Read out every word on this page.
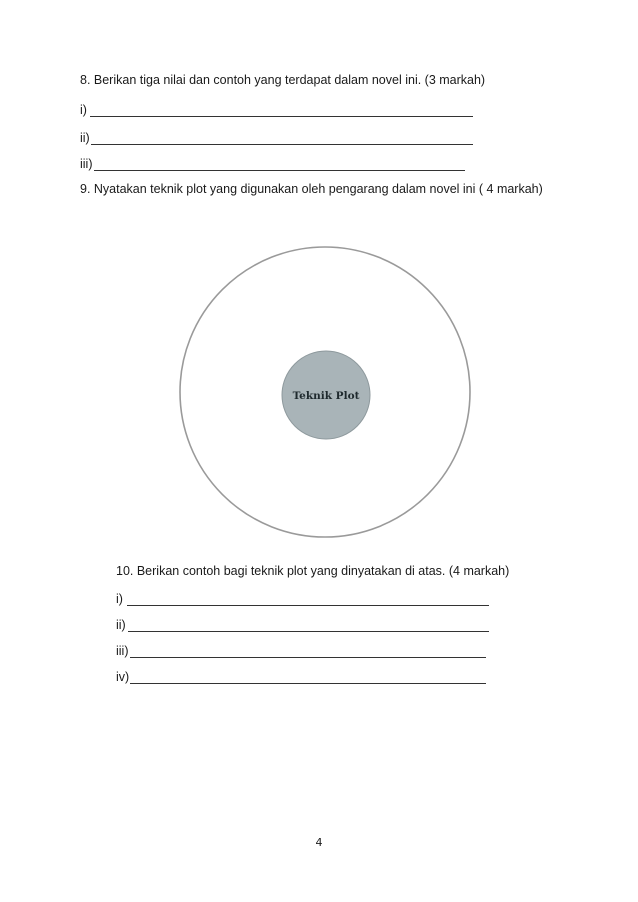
8. Berikan tiga nilai dan contoh yang terdapat dalam novel ini. (3 markah)
i)
ii)
iii)
9. Nyatakan teknik plot yang digunakan oleh pengarang dalam novel ini ( 4 markah)
Teknik Plot
10. Berikan contoh bagi teknik plot yang dinyatakan di atas. (4 markah)
i)
ii)
iii)
iv)
4
